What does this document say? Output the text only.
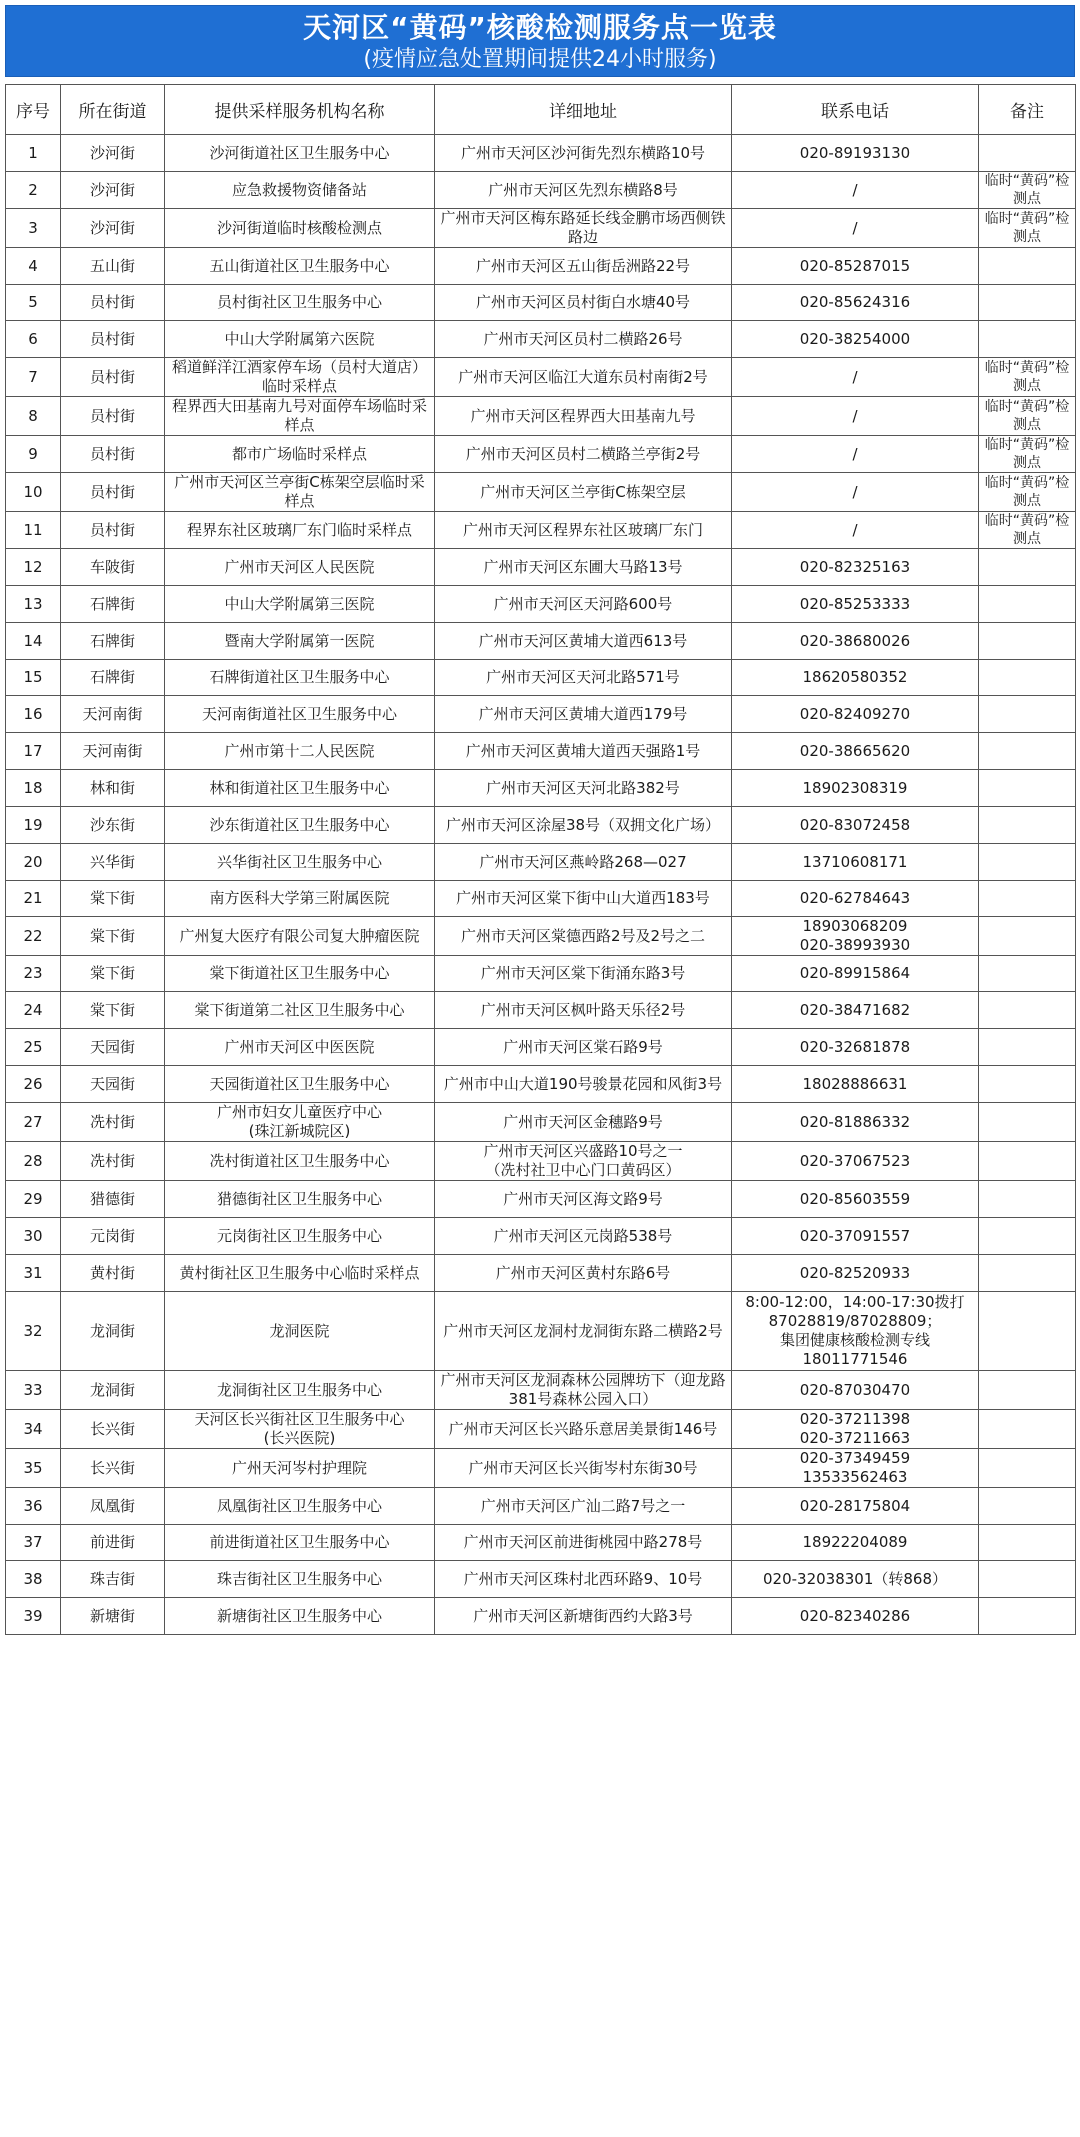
天河区“黄码”核酸检测服务点一览表
(疫情应急处置期间提供24小时服务)
序号	所在街道	提供采样服务机构名称	详细地址	联系电话	备注
1	沙河街	沙河街道社区卫生服务中心	广州市天河区沙河街先烈东横路10号	020-89193130	
2	沙河街	应急救援物资储备站	广州市天河区先烈东横路8号	/	临时“黄码”检测点
3	沙河街	沙河街道临时核酸检测点	广州市天河区梅东路延长线金鹏市场西侧铁路边	/	临时“黄码”检测点
4	五山街	五山街道社区卫生服务中心	广州市天河区五山街岳洲路22号	020-85287015	
5	员村街	员村街社区卫生服务中心	广州市天河区员村街白水塘40号	020-85624316	
6	员村街	中山大学附属第六医院	广州市天河区员村二横路26号	020-38254000	
7	员村街	稻道鲜洋江酒家停车场（员村大道店）临时采样点	广州市天河区临江大道东员村南街2号	/	临时“黄码”检测点
8	员村街	程界西大田基南九号对面停车场临时采样点	广州市天河区程界西大田基南九号	/	临时“黄码”检测点
9	员村街	都市广场临时采样点	广州市天河区员村二横路兰亭街2号	/	临时“黄码”检测点
10	员村街	广州市天河区兰亭街C栋架空层临时采样点	广州市天河区兰亭街C栋架空层	/	临时“黄码”检测点
11	员村街	程界东社区玻璃厂东门临时采样点	广州市天河区程界东社区玻璃厂东门	/	临时“黄码”检测点
12	车陂街	广州市天河区人民医院	广州市天河区东圃大马路13号	020-82325163	
13	石牌街	中山大学附属第三医院	广州市天河区天河路600号	020-85253333	
14	石牌街	暨南大学附属第一医院	广州市天河区黄埔大道西613号	020-38680026	
15	石牌街	石牌街道社区卫生服务中心	广州市天河区天河北路571号	18620580352	
16	天河南街	天河南街道社区卫生服务中心	广州市天河区黄埔大道西179号	020-82409270	
17	天河南街	广州市第十二人民医院	广州市天河区黄埔大道西天强路1号	020-38665620	
18	林和街	林和街道社区卫生服务中心	广州市天河区天河北路382号	18902308319	
19	沙东街	沙东街道社区卫生服务中心	广州市天河区涂屋38号（双拥文化广场）	020-83072458	
20	兴华街	兴华街社区卫生服务中心	广州市天河区燕岭路268—027	13710608171	
21	棠下街	南方医科大学第三附属医院	广州市天河区棠下街中山大道西183号	020-62784643	
22	棠下街	广州复大医疗有限公司复大肿瘤医院	广州市天河区棠德西路2号及2号之二	18903068209
020-38993930	
23	棠下街	棠下街道社区卫生服务中心	广州市天河区棠下街涌东路3号	020-89915864	
24	棠下街	棠下街道第二社区卫生服务中心	广州市天河区枫叶路天乐径2号	020-38471682	
25	天园街	广州市天河区中医医院	广州市天河区棠石路9号	020-32681878	
26	天园街	天园街道社区卫生服务中心	广州市中山大道190号骏景花园和风街3号	18028886631	
27	冼村街	广州市妇女儿童医疗中心
(珠江新城院区)	广州市天河区金穗路9号	020-81886332	
28	冼村街	冼村街道社区卫生服务中心	广州市天河区兴盛路10号之一
（冼村社卫中心门口黄码区）	020-37067523	
29	猎德街	猎德街社区卫生服务中心	广州市天河区海文路9号	020-85603559	
30	元岗街	元岗街社区卫生服务中心	广州市天河区元岗路538号	020-37091557	
31	黄村街	黄村街社区卫生服务中心临时采样点	广州市天河区黄村东路6号	020-82520933	
32	龙洞街	龙洞医院	广州市天河区龙洞村龙洞街东路二横路2号	8:00-12:00，14:00-17:30拨打87028819/87028809；
集团健康核酸检测专线
18011771546	
33	龙洞街	龙洞街社区卫生服务中心	广州市天河区龙洞森林公园牌坊下（迎龙路381号森林公园入口）	020-87030470	
34	长兴街	天河区长兴街社区卫生服务中心
(长兴医院)	广州市天河区长兴路乐意居美景街146号	020-37211398
020-37211663	
35	长兴街	广州天河岑村护理院	广州市天河区长兴街岑村东街30号	020-37349459
13533562463	
36	凤凰街	凤凰街社区卫生服务中心	广州市天河区广汕二路7号之一	020-28175804	
37	前进街	前进街道社区卫生服务中心	广州市天河区前进街桃园中路278号	18922204089	
38	珠吉街	珠吉街社区卫生服务中心	广州市天河区珠村北西环路9、10号	020-32038301（转868）	
39	新塘街	新塘街社区卫生服务中心	广州市天河区新塘街西约大路3号	020-82340286	
